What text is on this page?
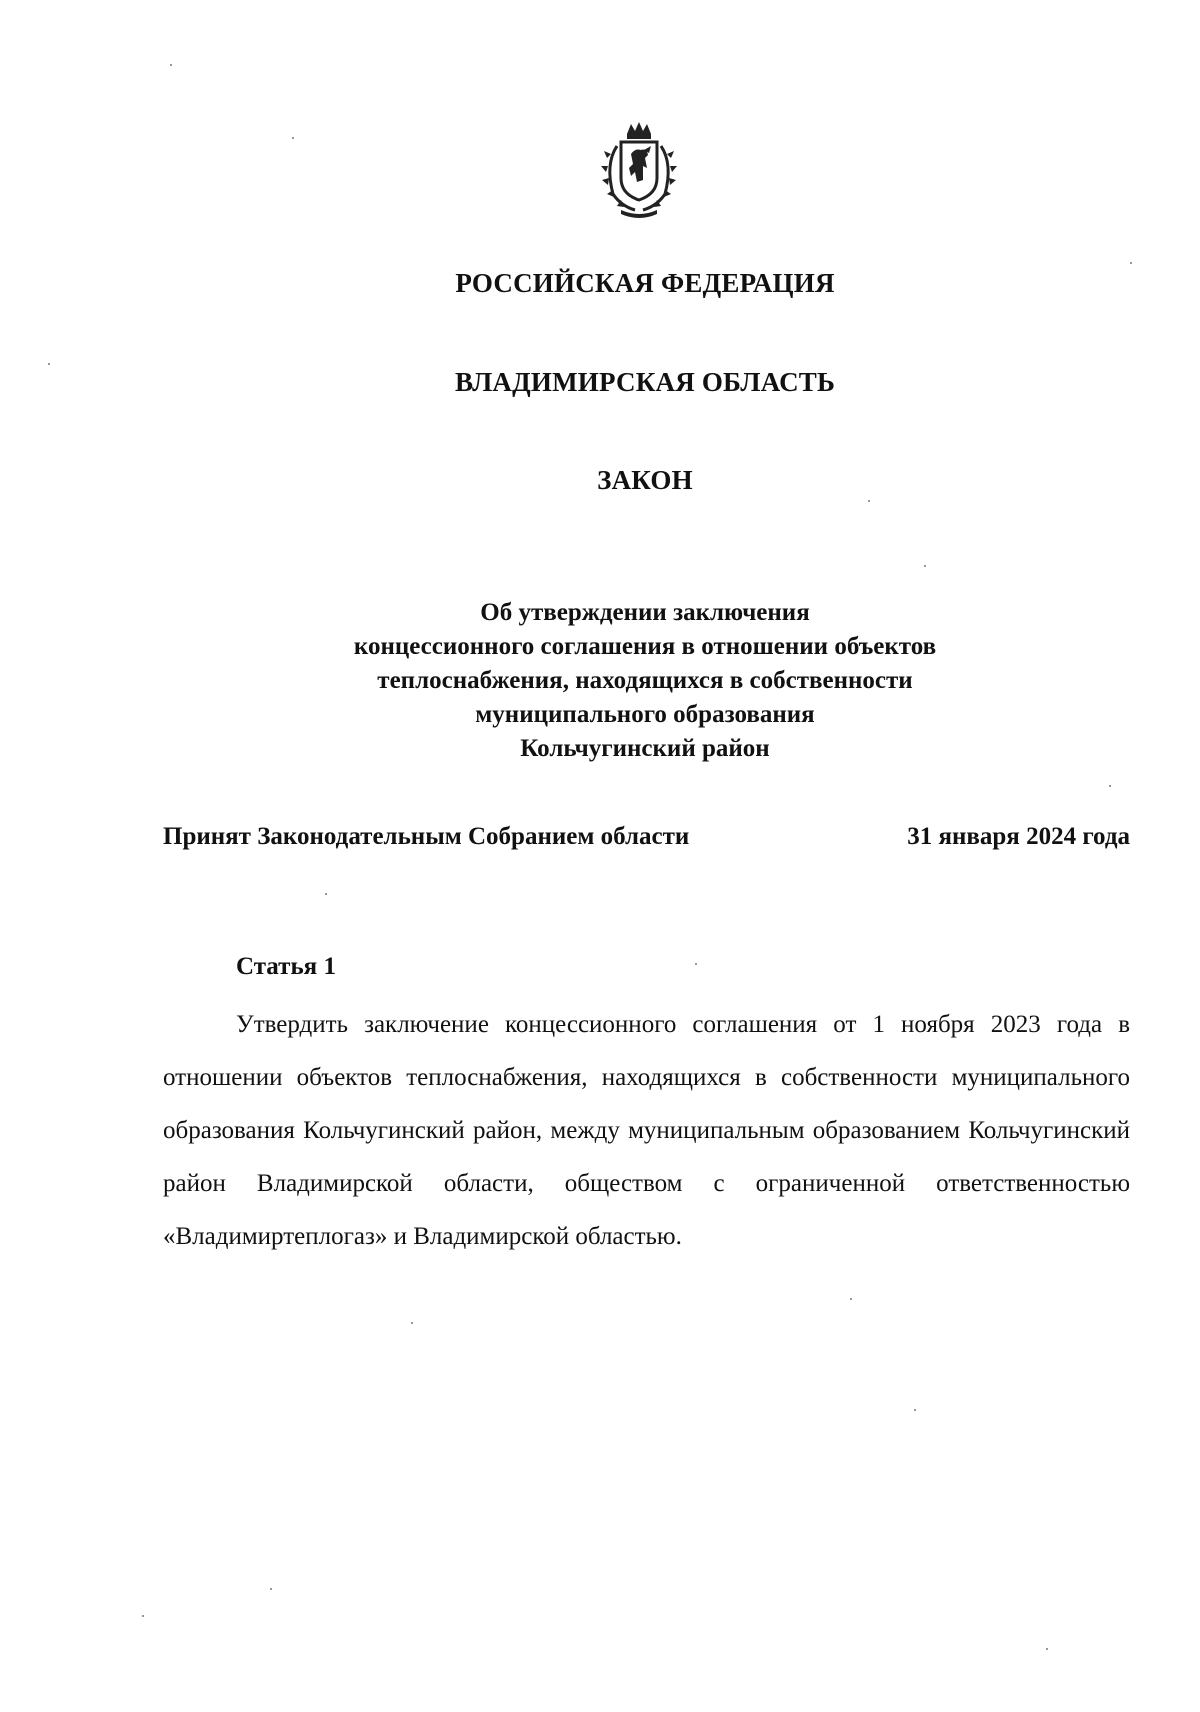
РОССИЙСКАЯ ФЕДЕРАЦИЯ
ВЛАДИМИРСКАЯ ОБЛАСТЬ
ЗАКОН
Об утверждении заключения
концессионного соглашения в отношении объектов
теплоснабжения, находящихся в собственности
муниципального образования
Кольчугинский район
Принят Законодательным Собранием области	31 января 2024 года
Статья 1
Утвердить заключение концессионного соглашения от 1 ноября 2023 года в отношении объектов теплоснабжения, находящихся в собственности муниципального образования Кольчугинский район, между муниципальным образованием Кольчугинский район Владимирской области, обществом с ограниченной ответственностью «Владимиртеплогаз» и Владимирской областью.
